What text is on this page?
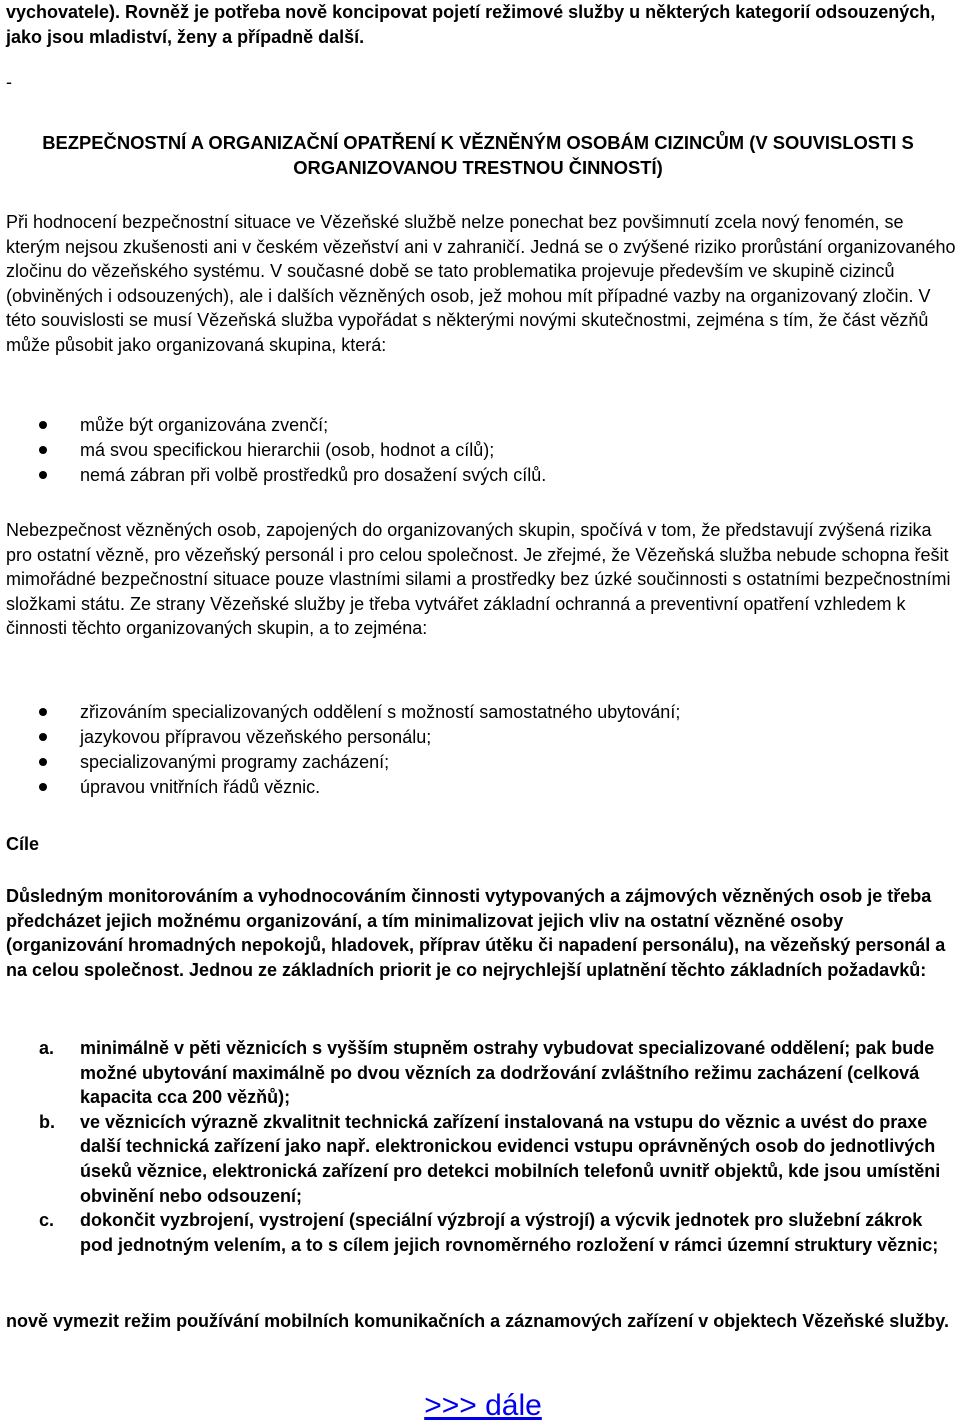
vychovatele). Rovněž je potřeba nově koncipovat pojetí režimové služby u některých kategorií odsouzených, jako jsou mladiství, ženy a případně další.

-

BEZPEČNOSTNÍ A ORGANIZAČNÍ OPATŘENÍ K VĚZNĚNÝM OSOBÁM CIZINCŮM (V SOUVISLOSTI S ORGANIZOVANOU TRESTNOU ČINNOSTÍ)

Při hodnocení bezpečnostní situace ve Vězeňské službě nelze ponechat bez povšimnutí zcela nový fenomén, se kterým nejsou zkušenosti ani v českém vězeňství ani v zahraničí. Jedná se o zvýšené riziko prorůstání organizovaného zločinu do vězeňského systému. V současné době se tato problematika projevuje především ve skupině cizinců (obviněných i odsouzených), ale i dalších vězněných osob, jež mohou mít případné vazby na organizovaný zločin. V této souvislosti se musí Vězeňská služba vypořádat s některými novými skutečnostmi, zejména s tím, že část vězňů může působit jako organizovaná skupina, která:

může být organizována zvenčí;
má svou specifickou hierarchii (osob, hodnot a cílů);
nemá zábran při volbě prostředků pro dosažení svých cílů.

Nebezpečnost vězněných osob, zapojených do organizovaných skupin, spočívá v tom, že představují zvýšená rizika pro ostatní vězně, pro vězeňský personál i pro celou společnost. Je zřejmé, že Vězeňská služba nebude schopna řešit mimořádné bezpečnostní situace pouze vlastními silami a prostředky bez úzké součinnosti s ostatními bezpečnostními složkami státu. Ze strany Vězeňské služby je třeba vytvářet základní ochranná a preventivní opatření vzhledem k činnosti těchto organizovaných skupin, a to zejména:

zřizováním specializovaných oddělení s možností samostatného ubytování;
jazykovou přípravou vězeňského personálu;
specializovanými programy zacházení;
úpravou vnitřních řádů věznic.

Cíle

Důsledným monitorováním a vyhodnocováním činnosti vytypovaných a zájmových vězněných osob je třeba předcházet jejich možnému organizování, a tím minimalizovat jejich vliv na ostatní vězněné osoby (organizování hromadných nepokojů, hladovek, příprav útěku či napadení personálu), na vězeňský personál a na celou společnost. Jednou ze základních priorit je co nejrychlejší uplatnění těchto základních požadavků:

a. minimálně v pěti věznicích s vyšším stupněm ostrahy vybudovat specializované oddělení; pak bude možné ubytování maximálně po dvou vězních za dodržování zvláštního režimu zacházení (celková kapacita cca 200 vězňů);
b. ve věznicích výrazně zkvalitnit technická zařízení instalovaná na vstupu do věznic a uvést do praxe další technická zařízení jako např. elektronickou evidenci vstupu oprávněných osob do jednotlivých úseků věznice, elektronická zařízení pro detekci mobilních telefonů uvnitř objektů, kde jsou umístěni obvinění nebo odsouzení;
c. dokončit vyzbrojení, vystrojení (speciální výzbrojí a výstrojí) a výcvik jednotek pro služební zákrok pod jednotným velením, a to s cílem jejich rovnoměrného rozložení v rámci územní struktury věznic;

nově vymezit režim používání mobilních komunikačních a záznamových zařízení v objektech Vězeňské služby.

>>> dále
